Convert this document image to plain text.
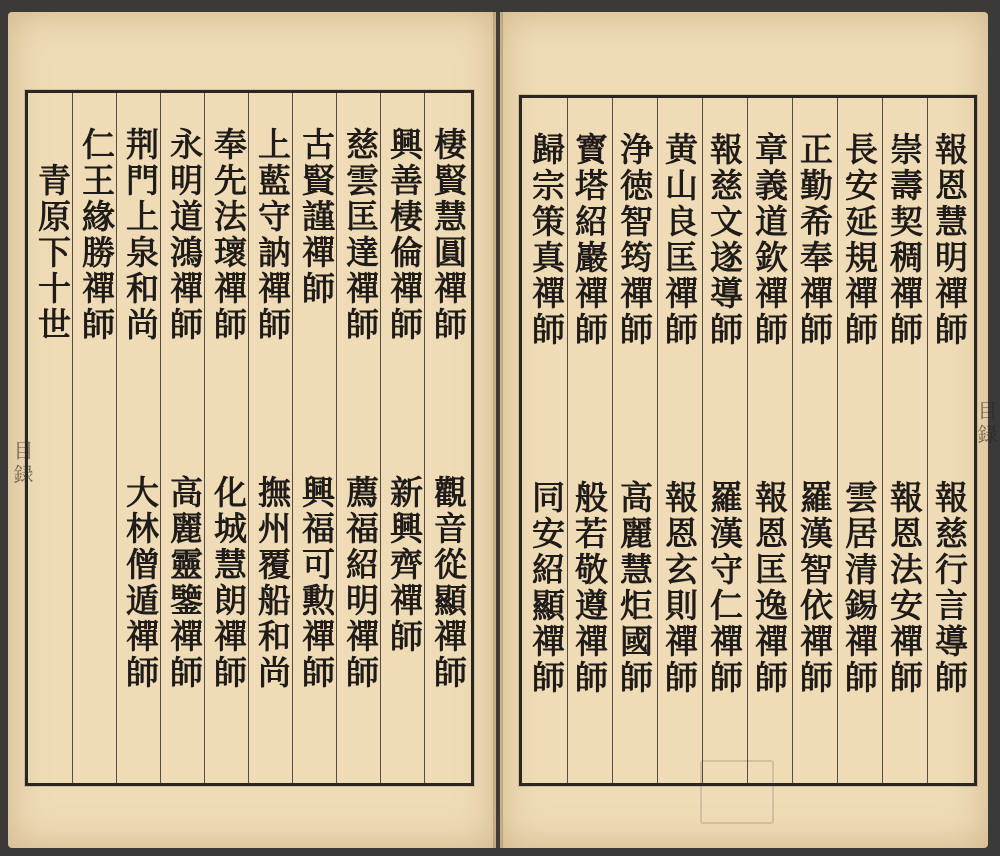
目録
目録
棲賢慧圓禪師
觀音從顯禪師
興善棲倫禪師
新興齊禪師
慈雲匡達禪師
薦福紹明禪師
古賢謹禪師
興福可勲禪師
上藍守訥禪師
撫州覆船和尚
奉先法瓌禪師
化城慧朗禪師
永明道鴻禪師
高麗靈鑒禪師
荆門上泉和尚
大林僧遁禪師
青原下十世 仁王緣勝禪師	報恩慧明禪師
報慈行言導師
崇壽契稠禪師
報恩法安禪師
長安延規禪師
雲居清錫禪師
正勤希奉禪師
羅漢智依禪師
章義道欽禪師
報恩匡逸禪師
報慈文遂導師
羅漢守仁禪師
黄山良匡禪師
報恩玄則禪師
浄徳智筠禪師
高麗慧炬國師
寳塔紹巖禪師
般若敬遵禪師
歸宗策真禪師
同安紹顯禪師
